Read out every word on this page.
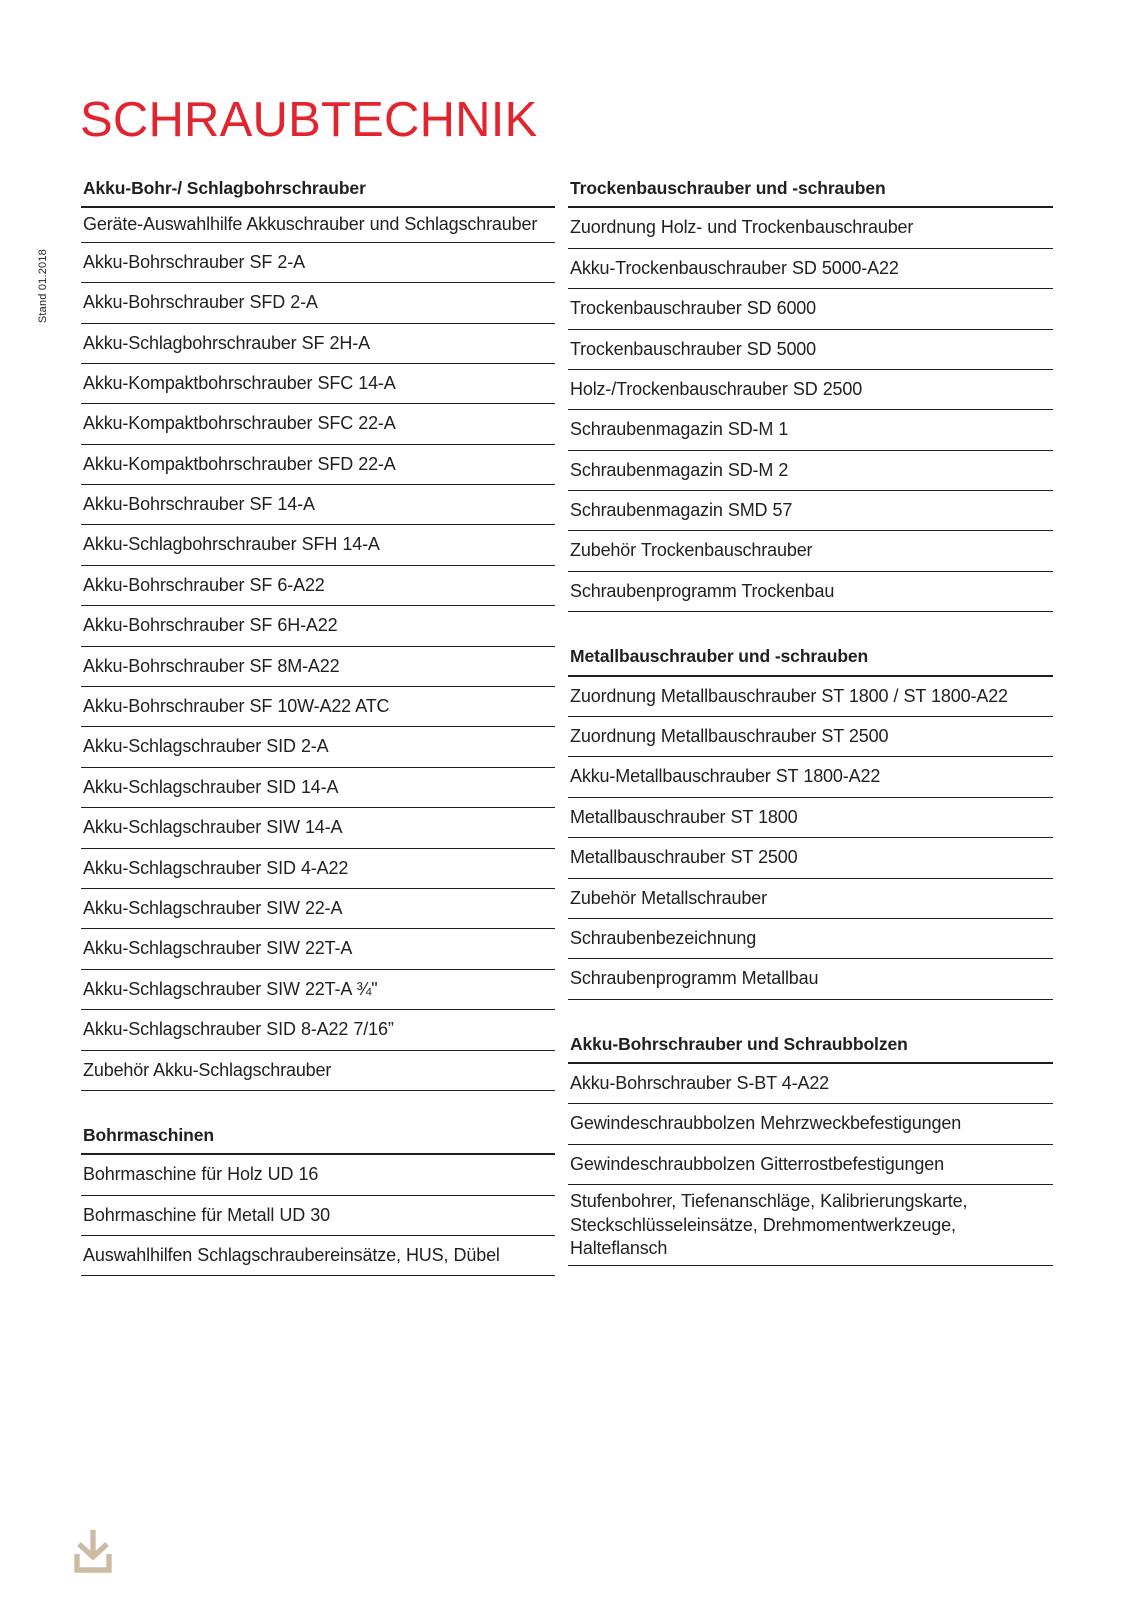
SCHRAUBTECHNIK
Stand 01.2018
Akku-Bohr-/ Schlagbohrschrauber
Geräte-Auswahlhilfe Akkuschrauber und Schlagschrauber
Akku-Bohrschrauber SF 2-A
Akku-Bohrschrauber SFD 2-A
Akku-Schlagbohrschrauber SF 2H-A
Akku-Kompaktbohrschrauber SFC 14-A
Akku-Kompaktbohrschrauber SFC 22-A
Akku-Kompaktbohrschrauber SFD 22-A
Akku-Bohrschrauber SF 14-A
Akku-Schlagbohrschrauber SFH 14-A
Akku-Bohrschrauber SF 6-A22
Akku-Bohrschrauber SF 6H-A22
Akku-Bohrschrauber SF 8M-A22
Akku-Bohrschrauber SF 10W-A22 ATC
Akku-Schlagschrauber SID 2-A
Akku-Schlagschrauber SID 14-A
Akku-Schlagschrauber SIW 14-A
Akku-Schlagschrauber SID 4-A22
Akku-Schlagschrauber SIW 22-A
Akku-Schlagschrauber SIW 22T-A
Akku-Schlagschrauber SIW 22T-A ¾"
Akku-Schlagschrauber SID 8-A22 7/16”
Zubehör Akku-Schlagschrauber
Bohrmaschinen
Bohrmaschine für Holz UD 16
Bohrmaschine für Metall UD 30
Auswahlhilfen Schlagschraubereinsätze, HUS, Dübel
Trockenbauschrauber und -schrauben
Zuordnung Holz- und Trockenbauschrauber
Akku-Trockenbauschrauber SD 5000-A22
Trockenbauschrauber SD 6000
Trockenbauschrauber SD 5000
Holz-/Trockenbauschrauber SD 2500
Schraubenmagazin SD-M 1
Schraubenmagazin SD-M 2
Schraubenmagazin SMD 57
Zubehör Trockenbauschrauber
Schraubenprogramm Trockenbau
Metallbauschrauber und -schrauben
Zuordnung Metallbauschrauber ST 1800 / ST 1800-A22
Zuordnung Metallbauschrauber ST 2500
Akku-Metallbauschrauber ST 1800-A22
Metallbauschrauber ST 1800
Metallbauschrauber ST 2500
Zubehör Metallschrauber
Schraubenbezeichnung
Schraubenprogramm Metallbau
Akku-Bohrschrauber und Schraubbolzen
Akku-Bohrschrauber S-BT 4-A22
Gewindeschraubbolzen Mehrzweckbefestigungen
Gewindeschraubbolzen Gitterrostbefestigungen
Stufenbohrer, Tiefenanschläge, Kalibrierungskarte, Steckschlüsseleinsätze, Drehmomentwerkzeuge, Halteflansch
